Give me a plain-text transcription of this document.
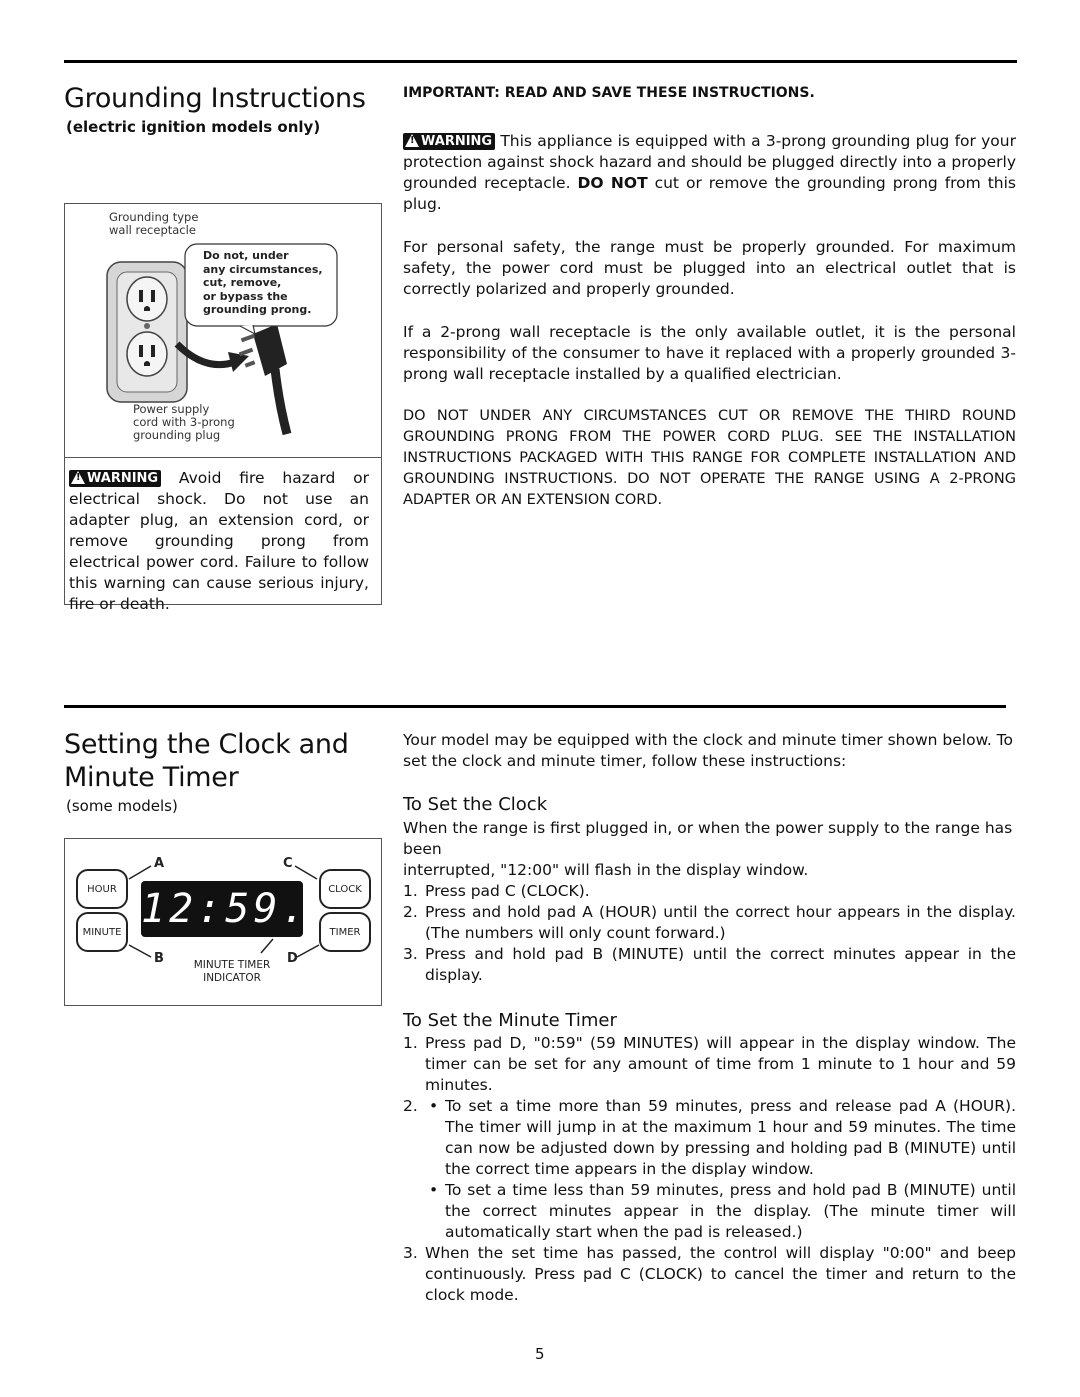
Grounding Instructions
(electric ignition models only)
Grounding type
wall receptacle
Do not, under
any circumstances,
cut, remove,
or bypass the
grounding prong.
Power supply
cord with 3-prong
grounding plug
!WARNING Avoid fire hazard or electrical shock. Do not use an adapter plug, an extension cord, or remove grounding prong from electrical power cord. Failure to follow this warning can cause serious injury, fire or death.
IMPORTANT: READ AND SAVE THESE INSTRUCTIONS.
!WARNING This appliance is equipped with a 3-prong grounding plug for your protection against shock hazard and should be plugged directly into a properly grounded receptacle. DO NOT cut or remove the grounding prong from this plug.

For personal safety, the range must be properly grounded. For maximum safety, the power cord must be plugged into an electrical outlet that is correctly polarized and properly grounded.

If a 2-prong wall receptacle is the only available outlet, it is the personal responsibility of the consumer to have it replaced with a properly grounded 3-prong wall receptacle installed by a qualified electrician.

DO NOT UNDER ANY CIRCUMSTANCES CUT OR REMOVE THE THIRD ROUND GROUNDING PRONG FROM THE POWER CORD PLUG. SEE THE INSTALLATION INSTRUCTIONS PACKAGED WITH THIS RANGE FOR COMPLETE INSTALLATION AND GROUNDING INSTRUCTIONS. DO NOT OPERATE THE RANGE USING A 2-PRONG ADAPTER OR AN EXTENSION CORD.

Setting the Clock and
Minute Timer
(some models)
A	C
B	D
HOUR
MINUTE
CLOCK
TIMER
12:59.
MINUTE TIMER
INDICATOR

Your model may be equipped with the clock and minute timer shown below. To set the clock and minute timer, follow these instructions:

To Set the Clock
When the range is first plugged in, or when the power supply to the range has been
interrupted, "12:00" will flash in the display window.
1. Press pad C (CLOCK).
2. Press and hold pad A (HOUR) until the correct hour appears in the display. (The numbers will only count forward.)
3. Press and hold pad B (MINUTE) until the correct minutes appear in the display.
To Set the Minute Timer
1. Press pad D, "0:59" (59 MINUTES) will appear in the display window. The timer can be set for any amount of time from 1 minute to 1 hour and 59 minutes.
2. • To set a time more than 59 minutes, press and release pad A (HOUR). The timer will jump in at the maximum 1 hour and 59 minutes. The time can now be adjusted down by pressing and holding pad B (MINUTE) until the correct time appears in the display window.
• To set a time less than 59 minutes, press and hold pad B (MINUTE) until the correct minutes appear in the display. (The minute timer will automatically start when the pad is released.)
3. When the set time has passed, the control will display "0:00" and beep continuously. Press pad C (CLOCK) to cancel the timer and return to the clock mode.
5
